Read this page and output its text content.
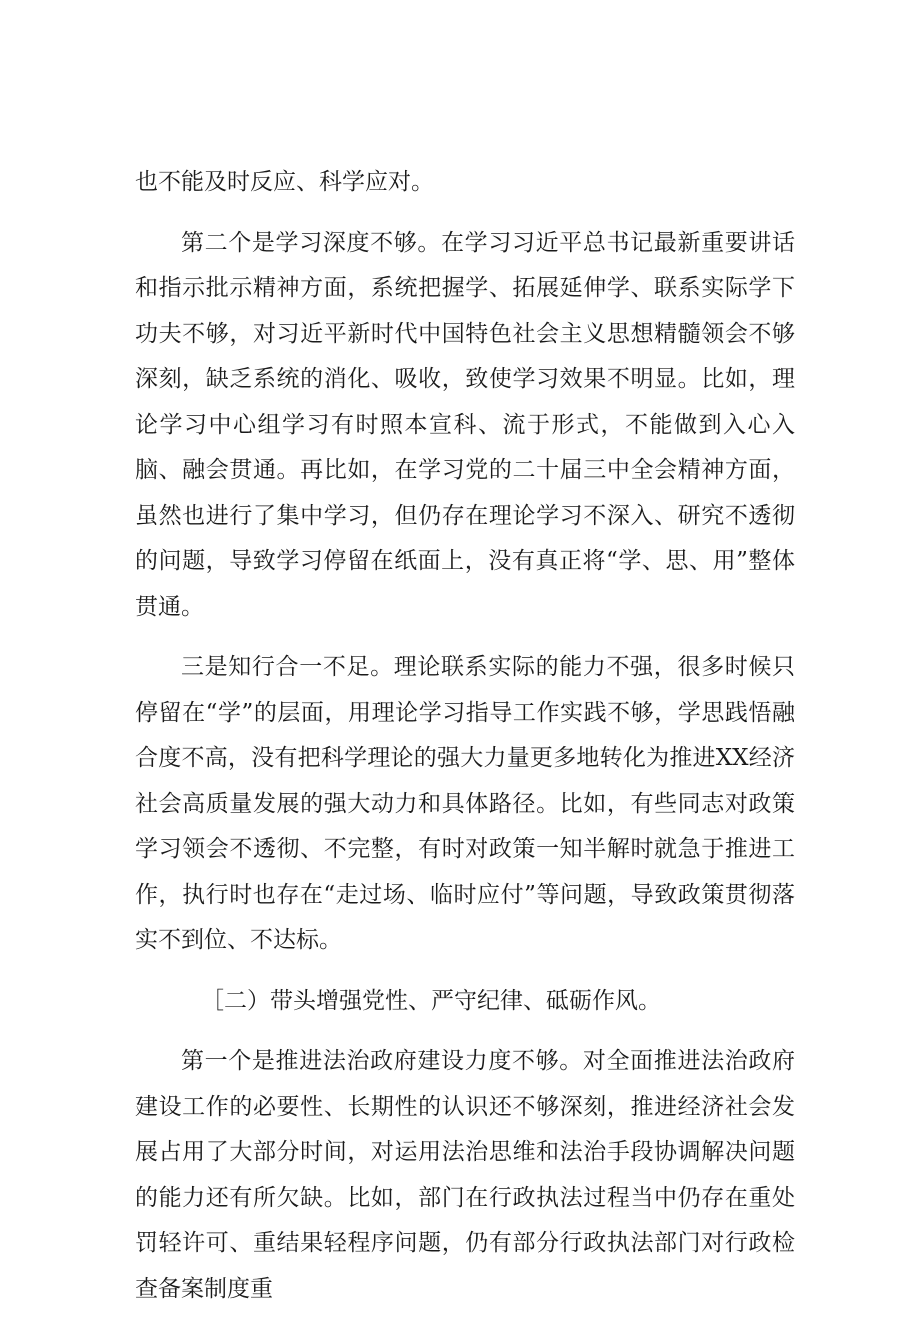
也不能及时反应、科学应对。

第二个是学习深度不够。在学习习近平总书记最新重要讲话和指示批示精神方面，系统把握学、拓展延伸学、联系实际学下功夫不够，对习近平新时代中国特色社会主义思想精髓领会不够深刻，缺乏系统的消化、吸收，致使学习效果不明显。比如，理论学习中心组学习有时照本宣科、流于形式，不能做到入心入脑、融会贯通。再比如，在学习党的二十届三中全会精神方面，虽然也进行了集中学习，但仍存在理论学习不深入、研究不透彻的问题，导致学习停留在纸面上，没有真正将“学、思、用”整体贯通。

三是知行合一不足。理论联系实际的能力不强，很多时候只停留在“学”的层面，用理论学习指导工作实践不够，学思践悟融合度不高，没有把科学理论的强大力量更多地转化为推进XX经济社会高质量发展的强大动力和具体路径。比如，有些同志对政策学习领会不透彻、不完整，有时对政策一知半解时就急于推进工作，执行时也存在“走过场、临时应付”等问题，导致政策贯彻落实不到位、不达标。

［二）带头增强党性、严守纪律、砥砺作风。

第一个是推进法治政府建设力度不够。对全面推进法治政府建设工作的必要性、长期性的认识还不够深刻，推进经济社会发展占用了大部分时间，对运用法治思维和法治手段协调解决问题的能力还有所欠缺。比如，部门在行政执法过程当中仍存在重处罚轻许可、重结果轻程序问题，仍有部分行政执法部门对行政检查备案制度重
